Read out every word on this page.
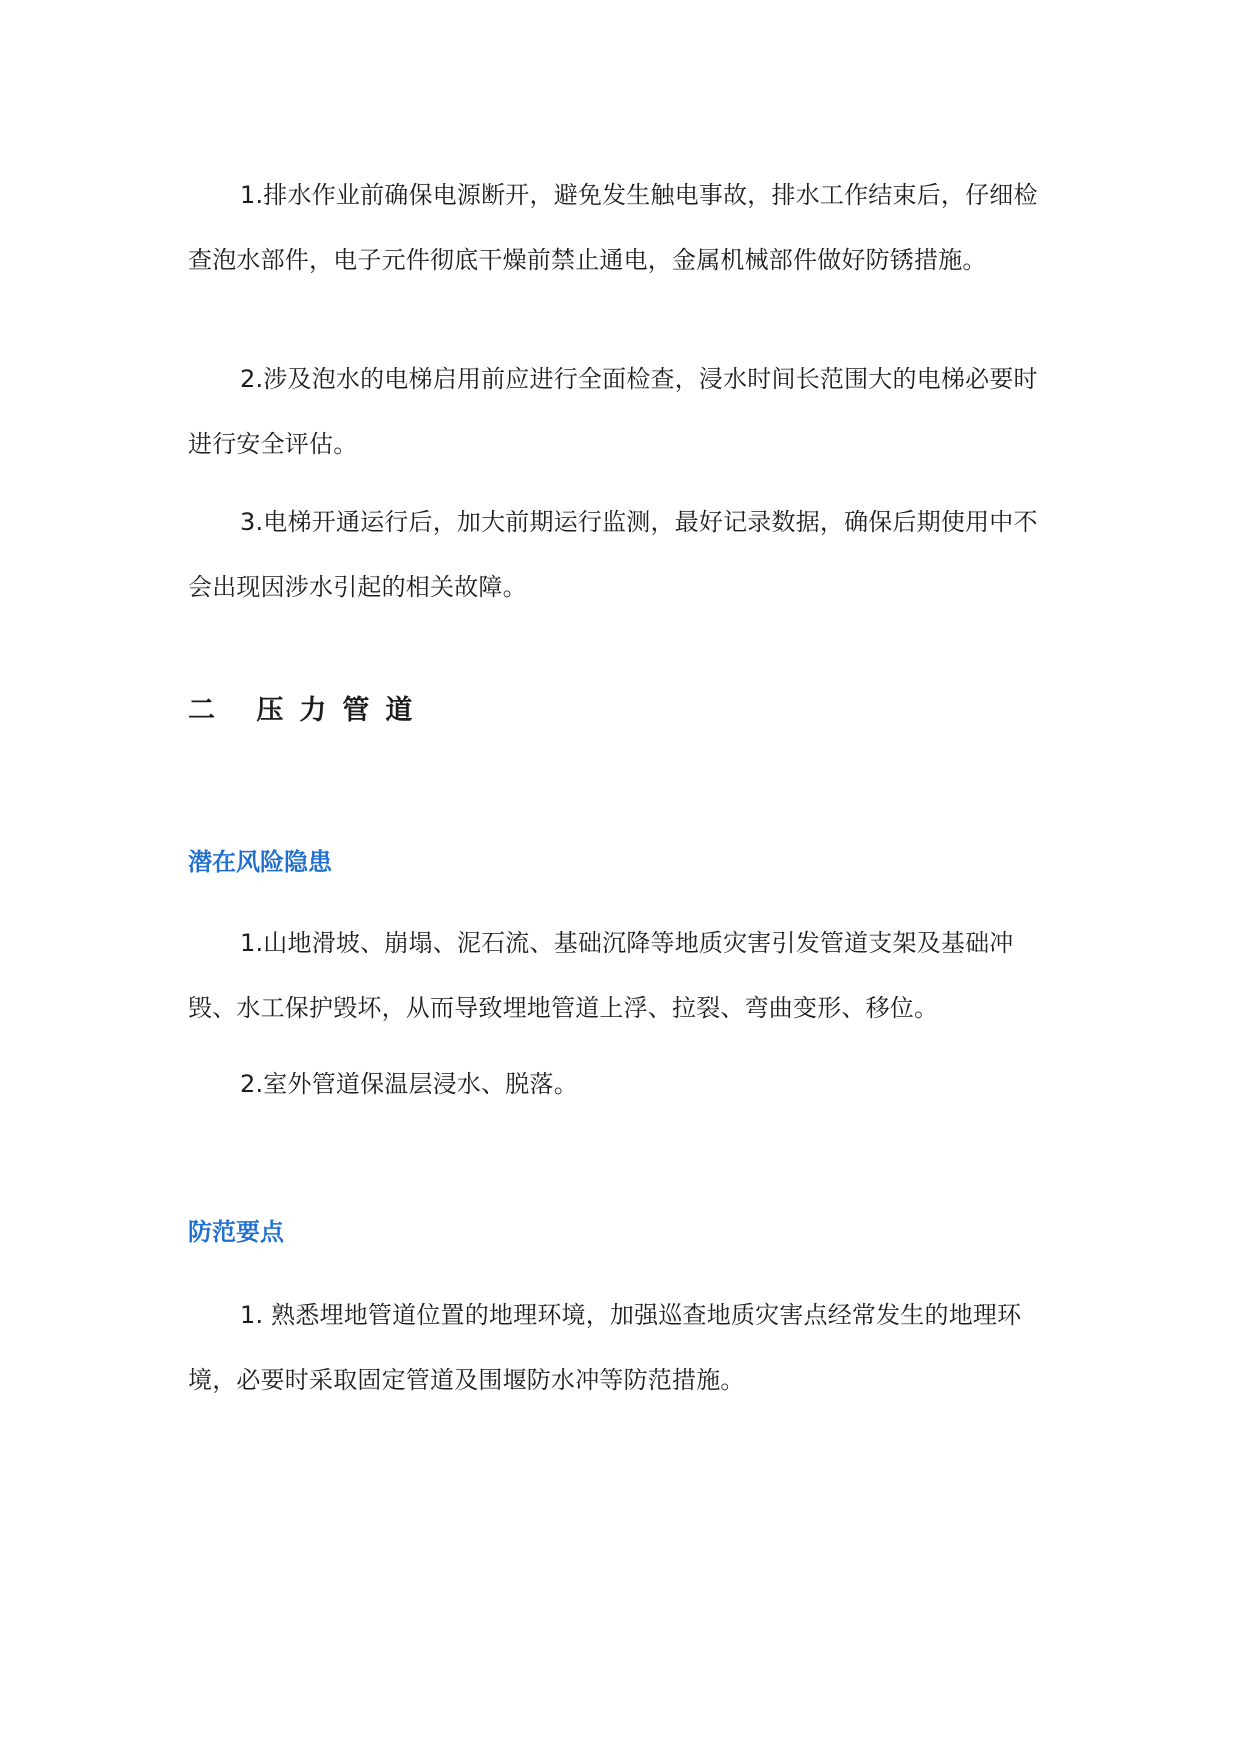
1.排水作业前确保电源断开，避免发生触电事故，排水工作结束后，仔细检查泡水部件，电子元件彻底干燥前禁止通电，金属机械部件做好防锈措施。

2.涉及泡水的电梯启用前应进行全面检查，浸水时间长范围大的电梯必要时进行安全评估。

3.电梯开通运行后，加大前期运行监测，最好记录数据，确保后期使用中不会出现因涉水引起的相关故障。

二 压力管道
潜在风险隐患

1.山地滑坡、崩塌、泥石流、基础沉降等地质灾害引发管道支架及基础冲毁、水工保护毁坏，从而导致埋地管道上浮、拉裂、弯曲变形、移位。

2.室外管道保温层浸水、脱落。

防范要点

1. 熟悉埋地管道位置的地理环境，加强巡查地质灾害点经常发生的地理环境，必要时采取固定管道及围堰防水冲等防范措施。
